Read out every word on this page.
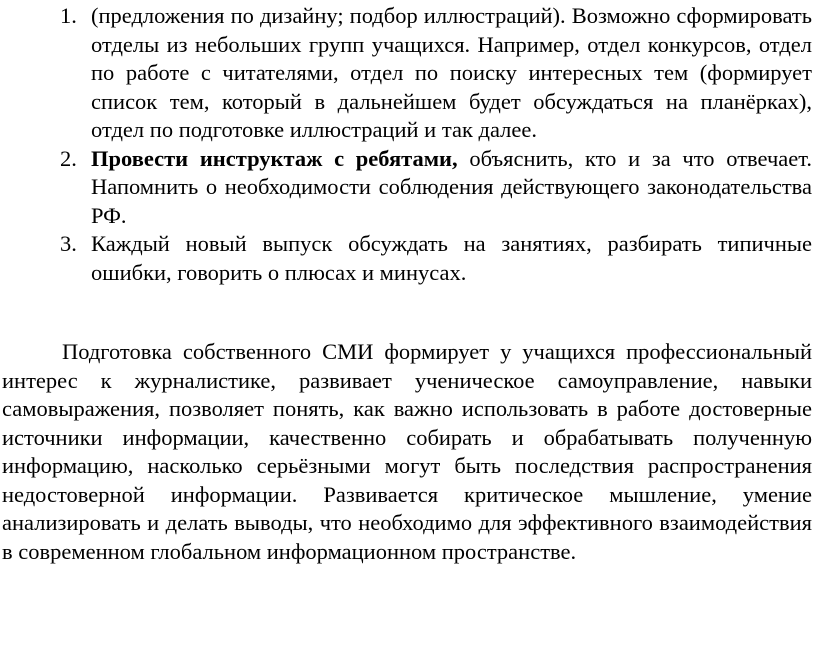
1. (предложения по дизайну; подбор иллюстраций). Возможно сформировать отделы из небольших групп учащихся. Например, отдел конкурсов, отдел по работе с читателями, отдел по поиску интересных тем (формирует список тем, который в дальнейшем будет обсуждаться на планёрках), отдел по подготовке иллюстраций и так далее.
2. Провести инструктаж с ребятами, объяснить, кто и за что отвечает. Напомнить о необходимости соблюдения действующего законодательства РФ.
3. Каждый новый выпуск обсуждать на занятиях, разбирать типичные ошибки, говорить о плюсах и минусах.

Подготовка собственного СМИ формирует у учащихся профессиональный интерес к журналистике, развивает ученическое самоуправление, навыки самовыражения, позволяет понять, как важно использовать в работе достоверные источники информации, качественно собирать и обрабатывать полученную информацию, насколько серьёзными могут быть последствия распространения недостоверной информации. Развивается критическое мышление, умение анализировать и делать выводы, что необходимо для эффективного взаимодействия в современном глобальном информационном пространстве.
